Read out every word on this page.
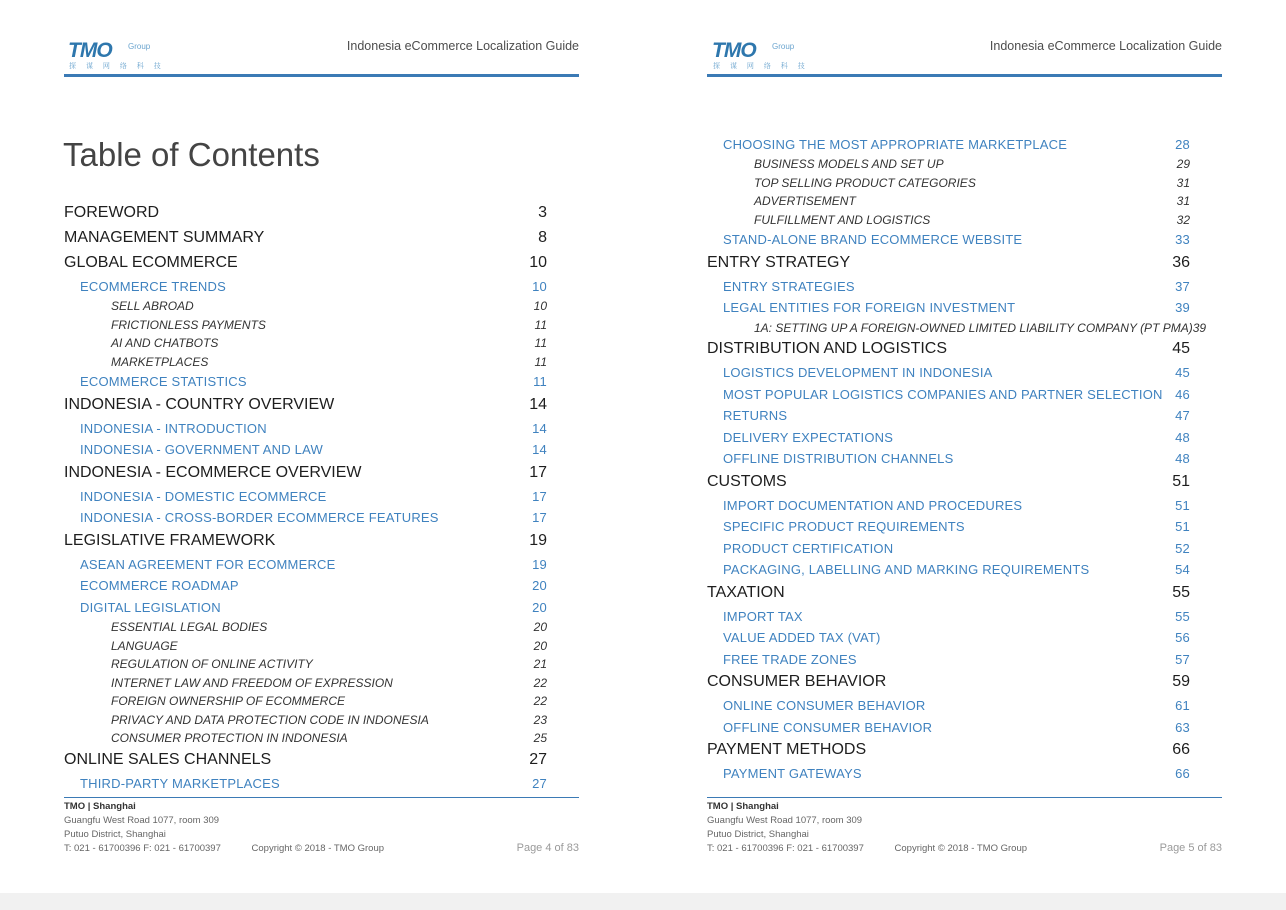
TMO Group
探 谋 网 络 科 技
Indonesia eCommerce Localization Guide
Table of Contents
FOREWORD	3
MANAGEMENT SUMMARY	8
GLOBAL ECOMMERCE	10
ECOMMERCE TRENDS	10
SELL ABROAD	10
FRICTIONLESS PAYMENTS	11
AI AND CHATBOTS	11
MARKETPLACES	11
ECOMMERCE STATISTICS	11
INDONESIA - COUNTRY OVERVIEW	14
INDONESIA - INTRODUCTION	14
INDONESIA - GOVERNMENT AND LAW	14
INDONESIA - ECOMMERCE OVERVIEW	17
INDONESIA - DOMESTIC ECOMMERCE	17
INDONESIA - CROSS-BORDER ECOMMERCE FEATURES	17
LEGISLATIVE FRAMEWORK	19
ASEAN AGREEMENT FOR ECOMMERCE	19
ECOMMERCE ROADMAP	20
DIGITAL LEGISLATION	20
ESSENTIAL LEGAL BODIES	20
LANGUAGE	20
REGULATION OF ONLINE ACTIVITY	21
INTERNET LAW AND FREEDOM OF EXPRESSION	22
FOREIGN OWNERSHIP OF ECOMMERCE	22
PRIVACY AND DATA PROTECTION CODE IN INDONESIA	23
CONSUMER PROTECTION IN INDONESIA	25
ONLINE SALES CHANNELS	27
THIRD-PARTY MARKETPLACES	27
TMO | Shanghai
Guangfu West Road 1077, room 309
Putuo District, Shanghai
T: 021 - 61700396 F: 021 - 61700397	Copyright © 2018 - TMO Group	Page 4 of 83
TMO Group
探 谋 网 络 科 技
Indonesia eCommerce Localization Guide
CHOOSING THE MOST APPROPRIATE MARKETPLACE	28
BUSINESS MODELS AND SET UP	29
TOP SELLING PRODUCT CATEGORIES	31
ADVERTISEMENT	31
FULFILLMENT AND LOGISTICS	32
STAND-ALONE BRAND ECOMMERCE WEBSITE	33
ENTRY STRATEGY	36
ENTRY STRATEGIES	37
LEGAL ENTITIES FOR FOREIGN INVESTMENT	39
1A: SETTING UP A FOREIGN-OWNED LIMITED LIABILITY COMPANY (PT PMA) 39
DISTRIBUTION AND LOGISTICS	45
LOGISTICS DEVELOPMENT IN INDONESIA	45
MOST POPULAR LOGISTICS COMPANIES AND PARTNER SELECTION 46
RETURNS	47
DELIVERY EXPECTATIONS	48
OFFLINE DISTRIBUTION CHANNELS	48
CUSTOMS	51
IMPORT DOCUMENTATION AND PROCEDURES	51
SPECIFIC PRODUCT REQUIREMENTS	51
PRODUCT CERTIFICATION	52
PACKAGING, LABELLING AND MARKING REQUIREMENTS	54
TAXATION	55
IMPORT TAX	55
VALUE ADDED TAX (VAT)	56
FREE TRADE ZONES	57
CONSUMER BEHAVIOR	59
ONLINE CONSUMER BEHAVIOR	61
OFFLINE CONSUMER BEHAVIOR	63
PAYMENT METHODS	66
PAYMENT GATEWAYS	66
TMO | Shanghai
Guangfu West Road 1077, room 309
Putuo District, Shanghai
T: 021 - 61700396 F: 021 - 61700397	Copyright © 2018 - TMO Group	Page 5 of 83
